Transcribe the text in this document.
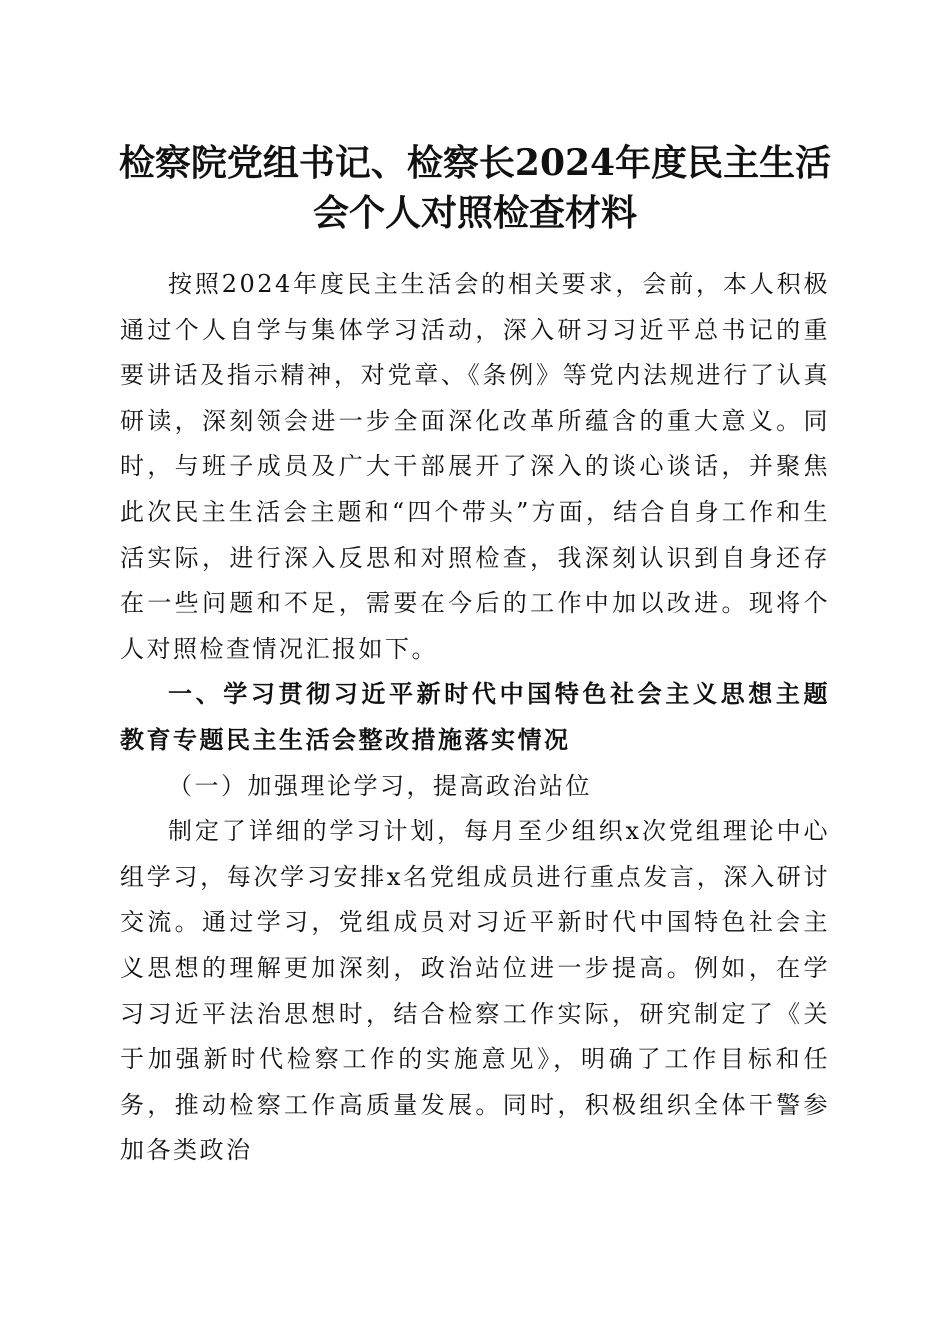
检察院党组书记、检察长2024年度民主生活
会个人对照检查材料

按照2024年度民主生活会的相关要求，会前，本人积极通过个人自学与集体学习活动，深入研习习近平总书记的重要讲话及指示精神，对党章、《条例》等党内法规进行了认真研读，深刻领会进一步全面深化改革所蕴含的重大意义。同时，与班子成员及广大干部展开了深入的谈心谈话，并聚焦此次民主生活会主题和“四个带头”方面，结合自身工作和生活实际，进行深入反思和对照检查，我深刻认识到自身还存在一些问题和不足，需要在今后的工作中加以改进。现将个人对照检查情况汇报如下。

一、学习贯彻习近平新时代中国特色社会主义思想主题教育专题民主生活会整改措施落实情况

（一）加强理论学习，提高政治站位

制定了详细的学习计划，每月至少组织x次党组理论中心组学习，每次学习安排x名党组成员进行重点发言，深入研讨交流。通过学习，党组成员对习近平新时代中国特色社会主义思想的理解更加深刻，政治站位进一步提高。例如，在学习习近平法治思想时，结合检察工作实际，研究制定了《关于加强新时代检察工作的实施意见》，明确了工作目标和任务，推动检察工作高质量发展。同时，积极组织全体干警参加各类政治
